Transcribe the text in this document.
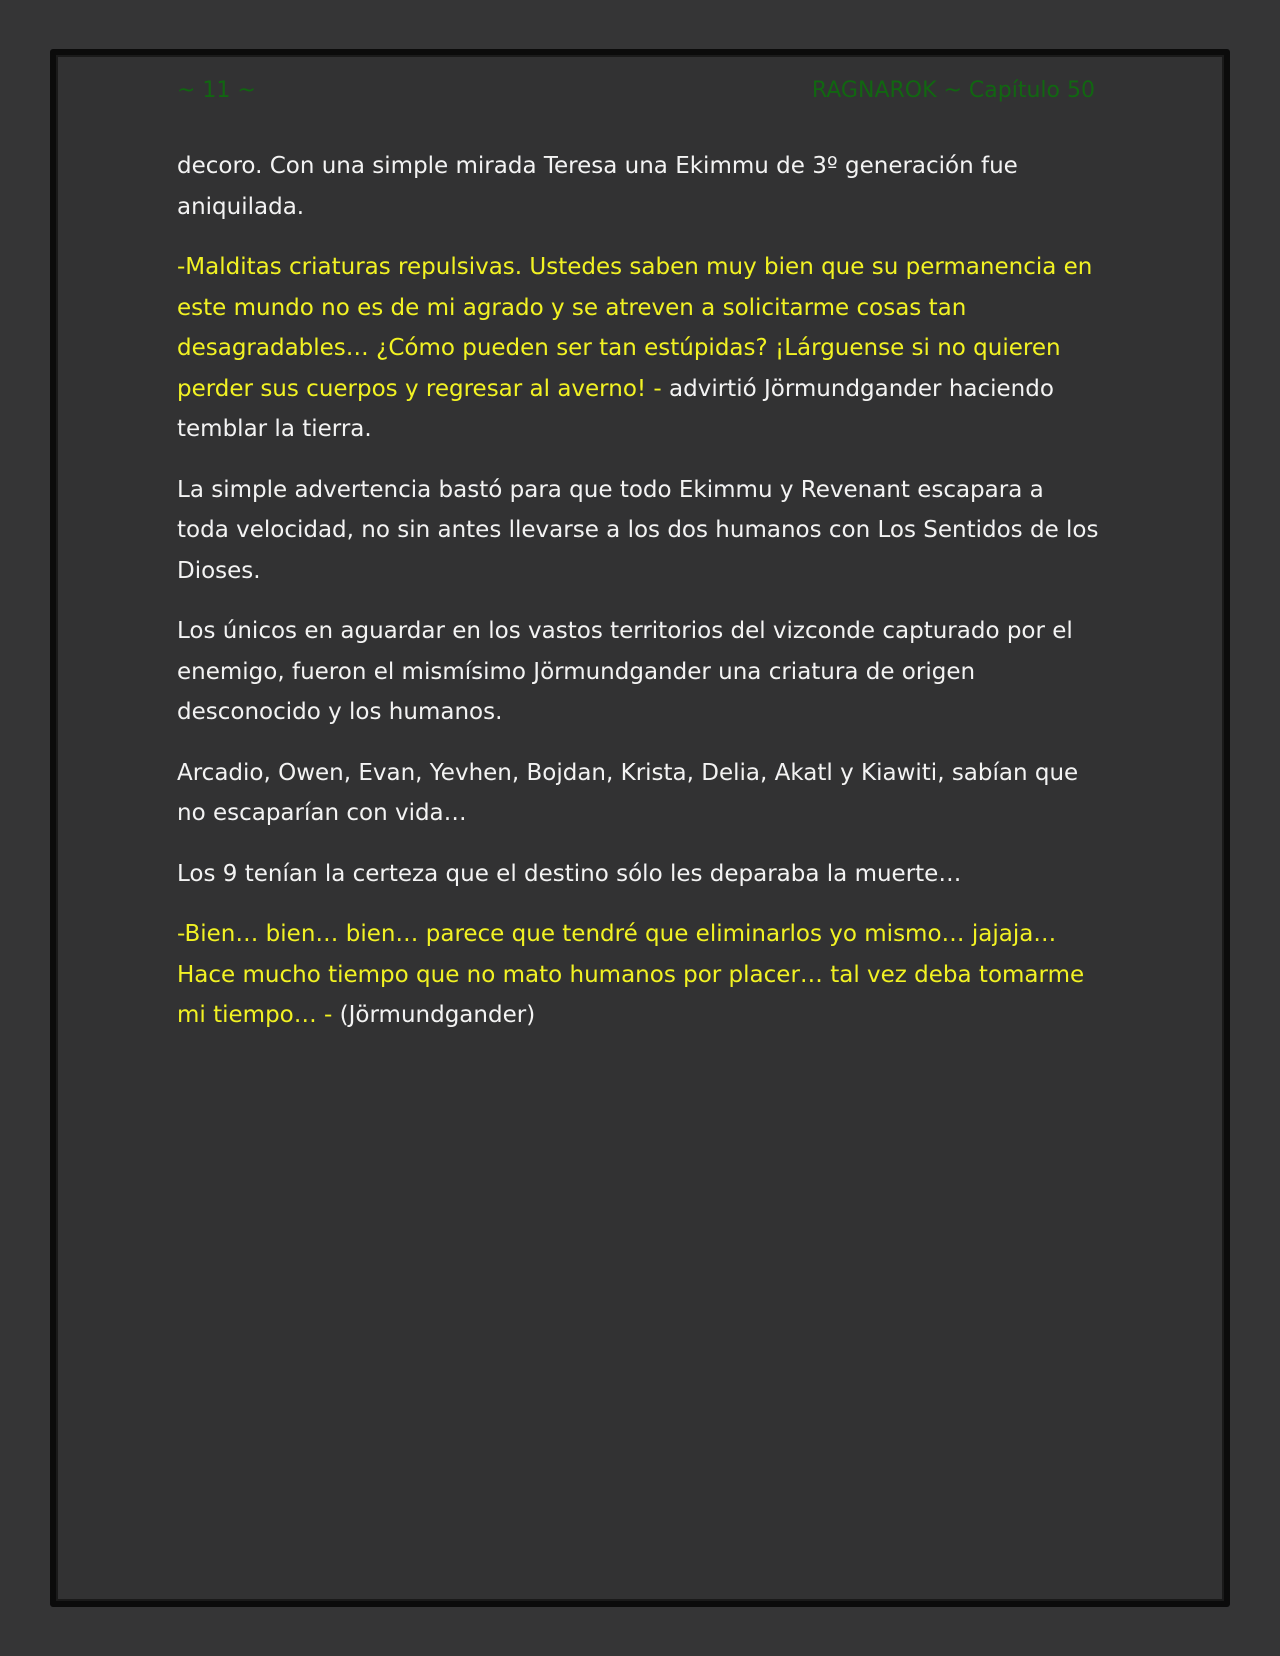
~ 11 ~	RAGNAROK ~ Capítulo 50

decoro. Con una simple mirada Teresa una Ekimmu de 3º generación fue aniquilada.

-Malditas criaturas repulsivas. Ustedes saben muy bien que su permanencia en este mundo no es de mi agrado y se atreven a solicitarme cosas tan desagradables… ¿Cómo pueden ser tan estúpidas? ¡Lárguense si no quieren perder sus cuerpos y regresar al averno! - advirtió Jörmundgander haciendo temblar la tierra.

La simple advertencia bastó para que todo Ekimmu y Revenant escapara a toda velocidad, no sin antes llevarse a los dos humanos con Los Sentidos de los Dioses.

Los únicos en aguardar en los vastos territorios del vizconde capturado por el enemigo, fueron el mismísimo Jörmundgander una criatura de origen desconocido y los humanos.

Arcadio, Owen, Evan, Yevhen, Bojdan, Krista, Delia, Akatl y Kiawiti, sabían que no escaparían con vida…

Los 9 tenían la certeza que el destino sólo les deparaba la muerte…

-Bien… bien… bien… parece que tendré que eliminarlos yo mismo… jajaja… Hace mucho tiempo que no mato humanos por placer… tal vez deba tomarme mi tiempo… - (Jörmundgander)
